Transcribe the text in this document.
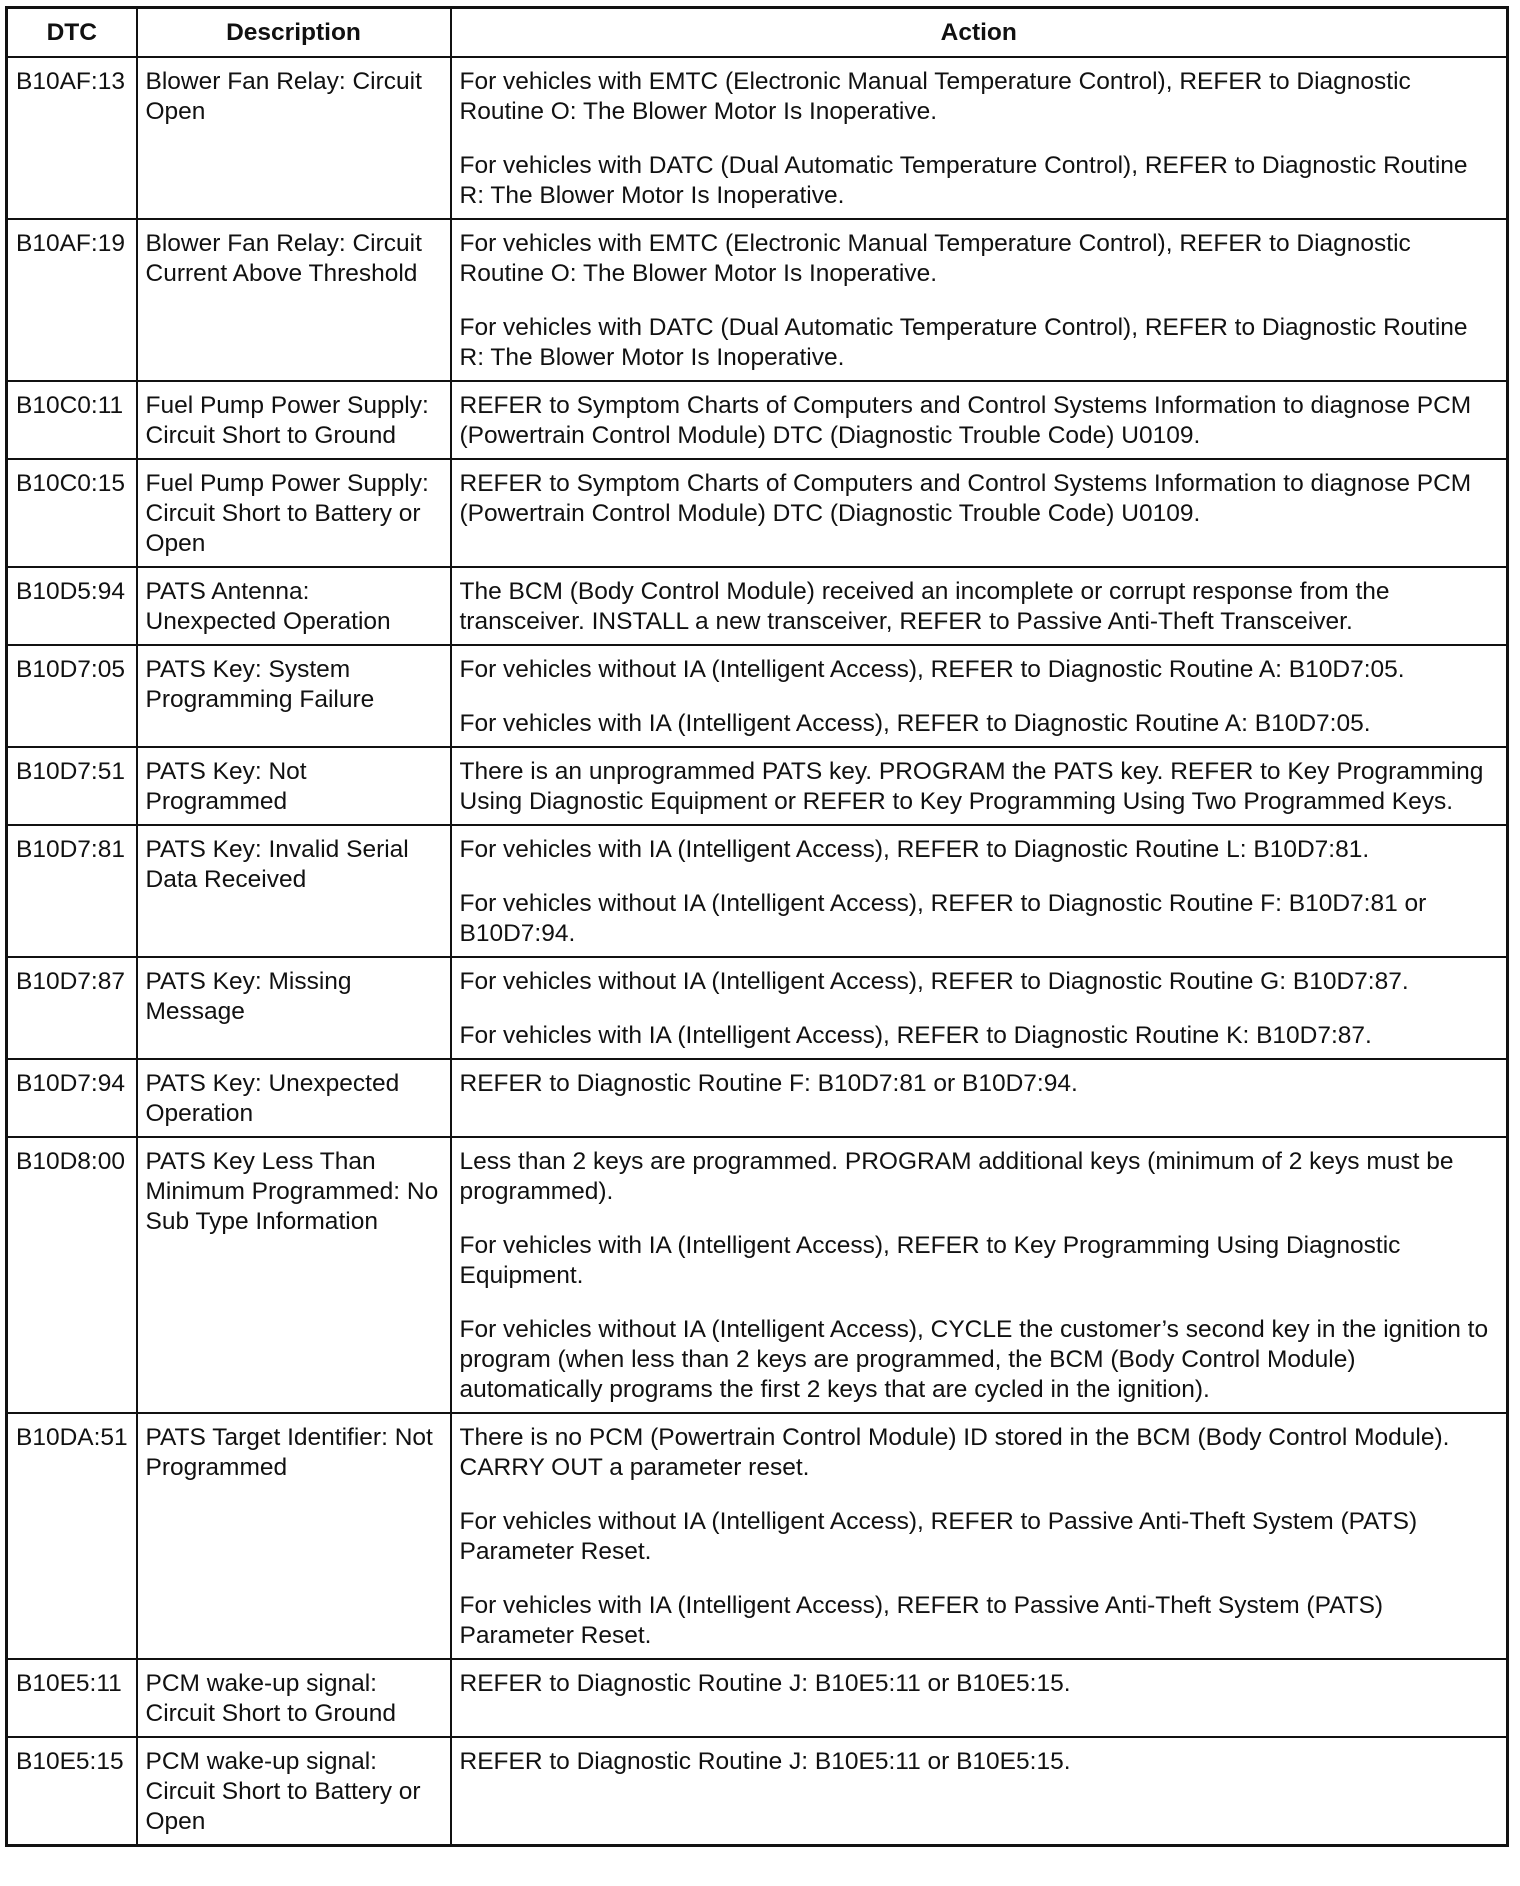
DTC	Description	Action
B10AF:13	Blower Fan Relay: Circuit Open	For vehicles with EMTC (Electronic Manual Temperature Control), REFER to Diagnostic Routine O: The Blower Motor Is Inoperative.

For vehicles with DATC (Dual Automatic Temperature Control), REFER to Diagnostic Routine R: The Blower Motor Is Inoperative.

B10AF:19	Blower Fan Relay: Circuit Current Above Threshold	For vehicles with EMTC (Electronic Manual Temperature Control), REFER to Diagnostic Routine O: The Blower Motor Is Inoperative.

For vehicles with DATC (Dual Automatic Temperature Control), REFER to Diagnostic Routine R: The Blower Motor Is Inoperative.

B10C0:11	Fuel Pump Power Supply: Circuit Short to Ground	REFER to Symptom Charts of Computers and Control Systems Information to diagnose PCM (Powertrain Control Module) DTC (Diagnostic Trouble Code) U0109.

B10C0:15	Fuel Pump Power Supply: Circuit Short to Battery or Open	REFER to Symptom Charts of Computers and Control Systems Information to diagnose PCM (Powertrain Control Module) DTC (Diagnostic Trouble Code) U0109.

B10D5:94	PATS Antenna: Unexpected Operation	The BCM (Body Control Module) received an incomplete or corrupt response from the transceiver. INSTALL a new transceiver, REFER to Passive Anti-Theft Transceiver.

B10D7:05	PATS Key: System Programming Failure	For vehicles without IA (Intelligent Access), REFER to Diagnostic Routine A: B10D7:05.

For vehicles with IA (Intelligent Access), REFER to Diagnostic Routine A: B10D7:05.

B10D7:51	PATS Key: Not Programmed	There is an unprogrammed PATS key. PROGRAM the PATS key. REFER to Key Programming Using Diagnostic Equipment or REFER to Key Programming Using Two Programmed Keys.

B10D7:81	PATS Key: Invalid Serial Data Received	For vehicles with IA (Intelligent Access), REFER to Diagnostic Routine L: B10D7:81.

For vehicles without IA (Intelligent Access), REFER to Diagnostic Routine F: B10D7:81 or B10D7:94.

B10D7:87	PATS Key: Missing Message	For vehicles without IA (Intelligent Access), REFER to Diagnostic Routine G: B10D7:87.

For vehicles with IA (Intelligent Access), REFER to Diagnostic Routine K: B10D7:87.

B10D7:94	PATS Key: Unexpected Operation	REFER to Diagnostic Routine F: B10D7:81 or B10D7:94.

B10D8:00	PATS Key Less Than Minimum Programmed: No Sub Type Information	Less than 2 keys are programmed. PROGRAM additional keys (minimum of 2 keys must be programmed).

For vehicles with IA (Intelligent Access), REFER to Key Programming Using Diagnostic Equipment.

For vehicles without IA (Intelligent Access), CYCLE the customer’s second key in the ignition to program (when less than 2 keys are programmed, the BCM (Body Control Module) automatically programs the first 2 keys that are cycled in the ignition).

B10DA:51	PATS Target Identifier: Not Programmed	There is no PCM (Powertrain Control Module) ID stored in the BCM (Body Control Module). CARRY OUT a parameter reset.

For vehicles without IA (Intelligent Access), REFER to Passive Anti-Theft System (PATS) Parameter Reset.

For vehicles with IA (Intelligent Access), REFER to Passive Anti-Theft System (PATS) Parameter Reset.

B10E5:11	PCM wake-up signal: Circuit Short to Ground	REFER to Diagnostic Routine J: B10E5:11 or B10E5:15.

B10E5:15	PCM wake-up signal: Circuit Short to Battery or Open	REFER to Diagnostic Routine J: B10E5:11 or B10E5:15.
